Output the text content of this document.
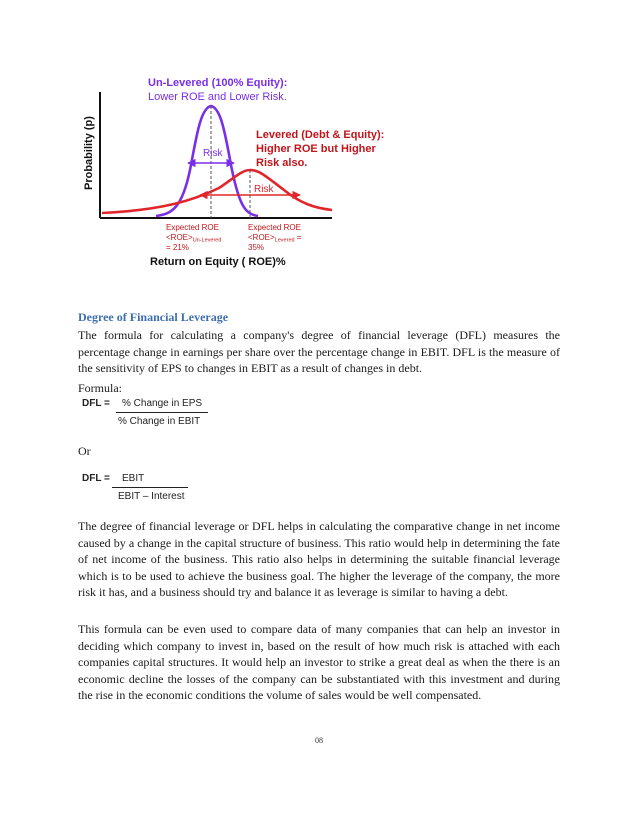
Probability (p)	Risk
Risk
Un-Levered (100% Equity):
Lower ROE and Lower Risk.
Levered (Debt & Equity):
Higher ROE but Higher
Risk also.
Expected ROE
<ROE>Un-Levered
= 21%
Expected ROE
<ROE>Levered =
35%
Return on Equity ( ROE)%
Degree of Financial Leverage

The formula for calculating a company's degree of financial leverage (DFL) measures the percentage change in earnings per share over the percentage change in EBIT. DFL is the measure of the sensitivity of EPS to changes in EBIT as a result of changes in debt.

Formula:

DFL = % Change in EPS
% Change in EBIT

Or

DFL = EBIT
EBIT – Interest

The degree of financial leverage or DFL helps in calculating the comparative change in net income caused by a change in the capital structure of business. This ratio would help in determining the fate of net income of the business. This ratio also helps in determining the suitable financial leverage which is to be used to achieve the business goal. The higher the leverage of the company, the more risk it has, and a business should try and balance it as leverage is similar to having a debt.

This formula can be even used to compare data of many companies that can help an investor in deciding which company to invest in, based on the result of how much risk is attached with each companies capital structures. It would help an investor to strike a great deal as when the there is an economic decline the losses of the company can be substantiated with this investment and during the rise in the economic conditions the volume of sales would be well compensated.

08
